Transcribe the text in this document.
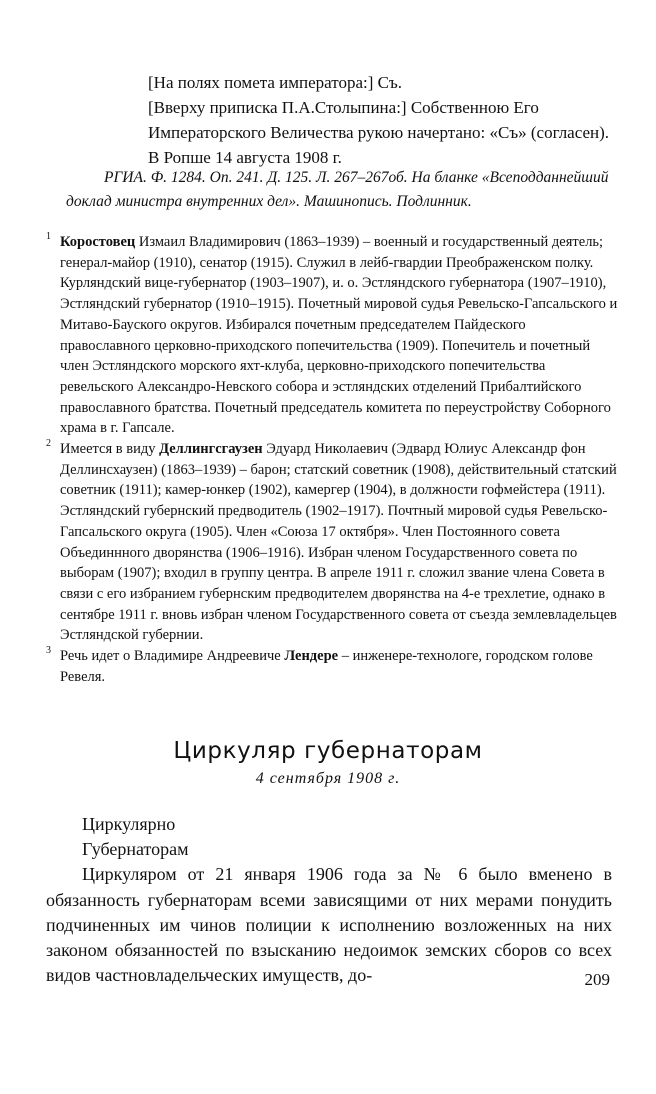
[На полях помета императора:] Съ.

[Вверху приписка П.А.Столыпина:] Собственною Его Императорского Величества рукою начертано: «Съ» (согласен).

В Ропше 14 августа 1908 г.

РГИА. Ф. 1284. Оп. 241. Д. 125. Л. 267–267об. На бланке «Всеподданнейший доклад министра внутренних дел». Машинопись. Подлинник.

1 Коростовец Измаил Владимирович (1863–1939) – военный и государственный деятель; генерал-майор (1910), сенатор (1915). Служил в лейб-гвардии Преображенском полку. Курляндский вице-губернатор (1903–1907), и. о. Эстляндского губернатора (1907–1910), Эстляндский губернатор (1910–1915). Почетный мировой судья Ревельско-Гапсальского и Митаво-Бауского округов. Избирался почетным председателем Пайдеского православного церковно-приходского попечительства (1909). Попечитель и почетный член Эстляндского морского яхт-клуба, церковно-приходского попечительства ревельского Александро-Невского собора и эстляндских отделений Прибалтийского православного братства. Почетный председатель комитета по переустройству Соборного храма в г. Гапсале.

2 Имеется в виду Деллингсгаузен Эдуард Николаевич (Эдвард Юлиус Александр фон Деллинсхаузен) (1863–1939) – барон; статский советник (1908), действительный статский советник (1911); камер-юнкер (1902), камергер (1904), в должности гофмейстера (1911). Эстляндский губернский предводитель (1902–1917). Почтный мировой судья Ревельско-Гапсальского округа (1905). Член «Союза 17 октября». Член Постоянного совета Объединнного дворянства (1906–1916). Избран членом Государственного совета по выборам (1907); входил в группу центра. В апреле 1911 г. сложил звание члена Совета в связи с его избранием губернским предводителем дворянства на 4-е трехлетие, однако в сентябре 1911 г. вновь избран членом Государственного совета от съезда землевладельцев Эстляндской губернии.

3 Речь идет о Владимире Андреевиче Лендере – инженере-технологе, городском голове Ревеля.

Циркуляр губернаторам
4 сентября 1908 г.

Циркулярно

Губернаторам

Циркуляром от 21 января 1906 года за № 6 было вменено в обязанность губернаторам всеми зависящими от них мерами понудить подчиненных им чинов полиции к исполнению возложенных на них законом обязанностей по взысканию недоимок земских сборов со всех видов частновладельческих имуществ, до-	209
